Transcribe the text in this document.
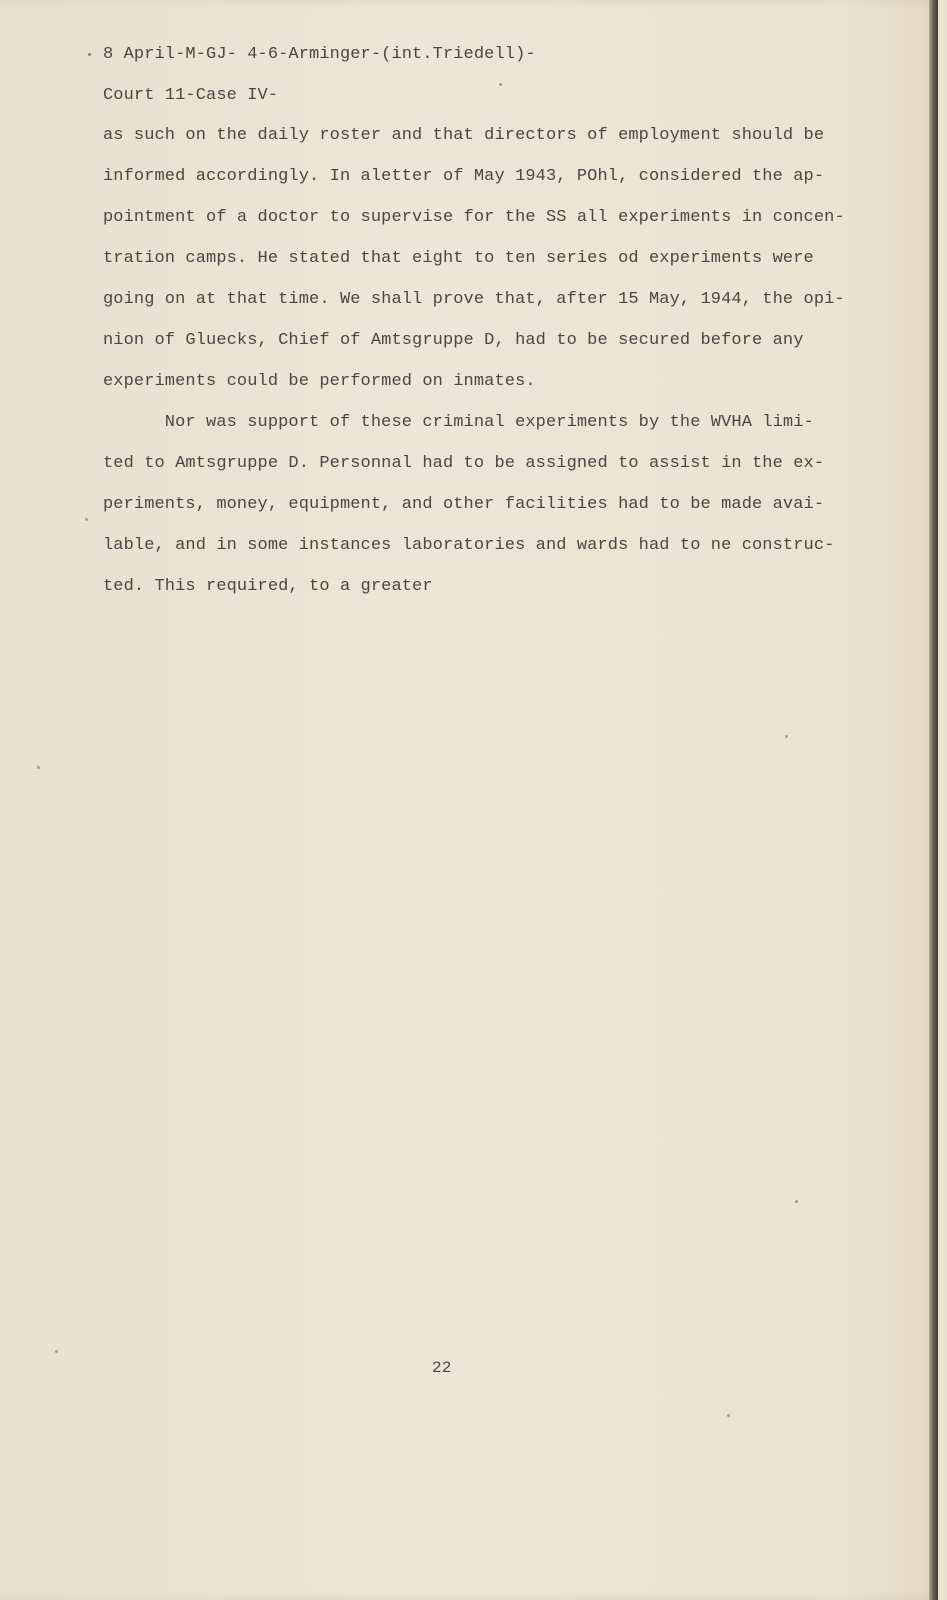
8 April-M-GJ- 4-6-Arminger-(int.Triedell)-
Court 11-Case IV-
as such on the daily roster and that directors of employment should be
informed accordingly. In aletter of May 1943, POhl, considered the ap-
pointment of a doctor to supervise for the SS all experiments in concen-
tration camps. He stated that eight to ten series od experiments were
going on at that time. We shall prove that, after 15 May, 1944, the opi-
nion of Gluecks, Chief of Amtsgruppe D, had to be secured before any
experiments could be performed on inmates.
Nor was support of these criminal experiments by the WVHA limi-
ted to Amtsgruppe D. Personnal had to be assigned to assist in the ex-
periments, money, equipment, and other facilities had to be made avai-
lable, and in some instances laboratories and wards had to ne construc-
ted. This required, to a greater
22
